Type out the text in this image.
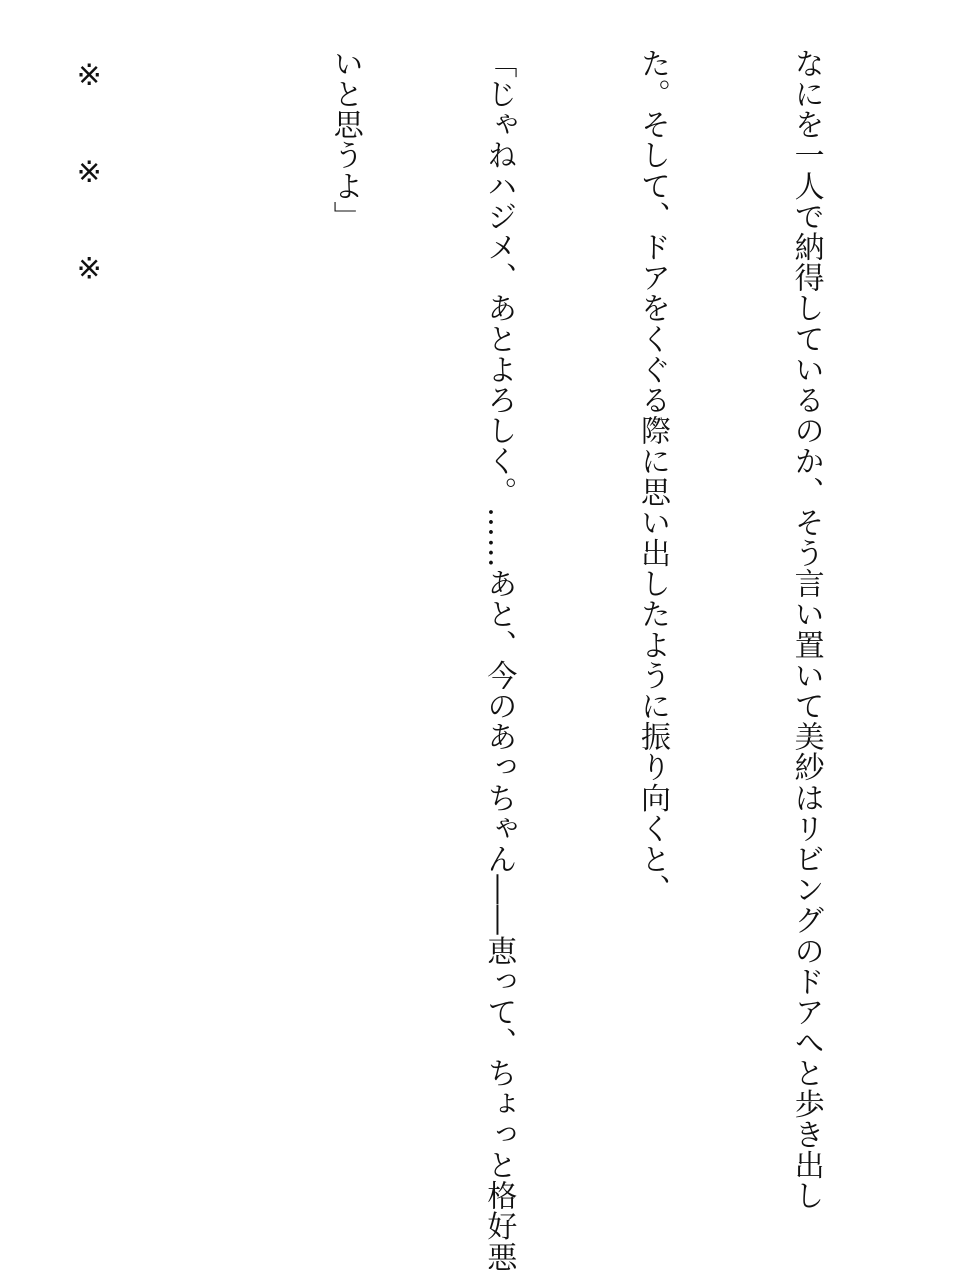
なにを一人で納得しているのか、そう言い置いて美紗はリビングのドアへと歩き出し

た。そして、ドアをくぐる際に思い出したように振り向くと、

「じゃねハジメ、あとよろしく。……あと、今のあっちゃん――恵って、ちょっと格好悪

いと思うよ」

※　　※　　※
